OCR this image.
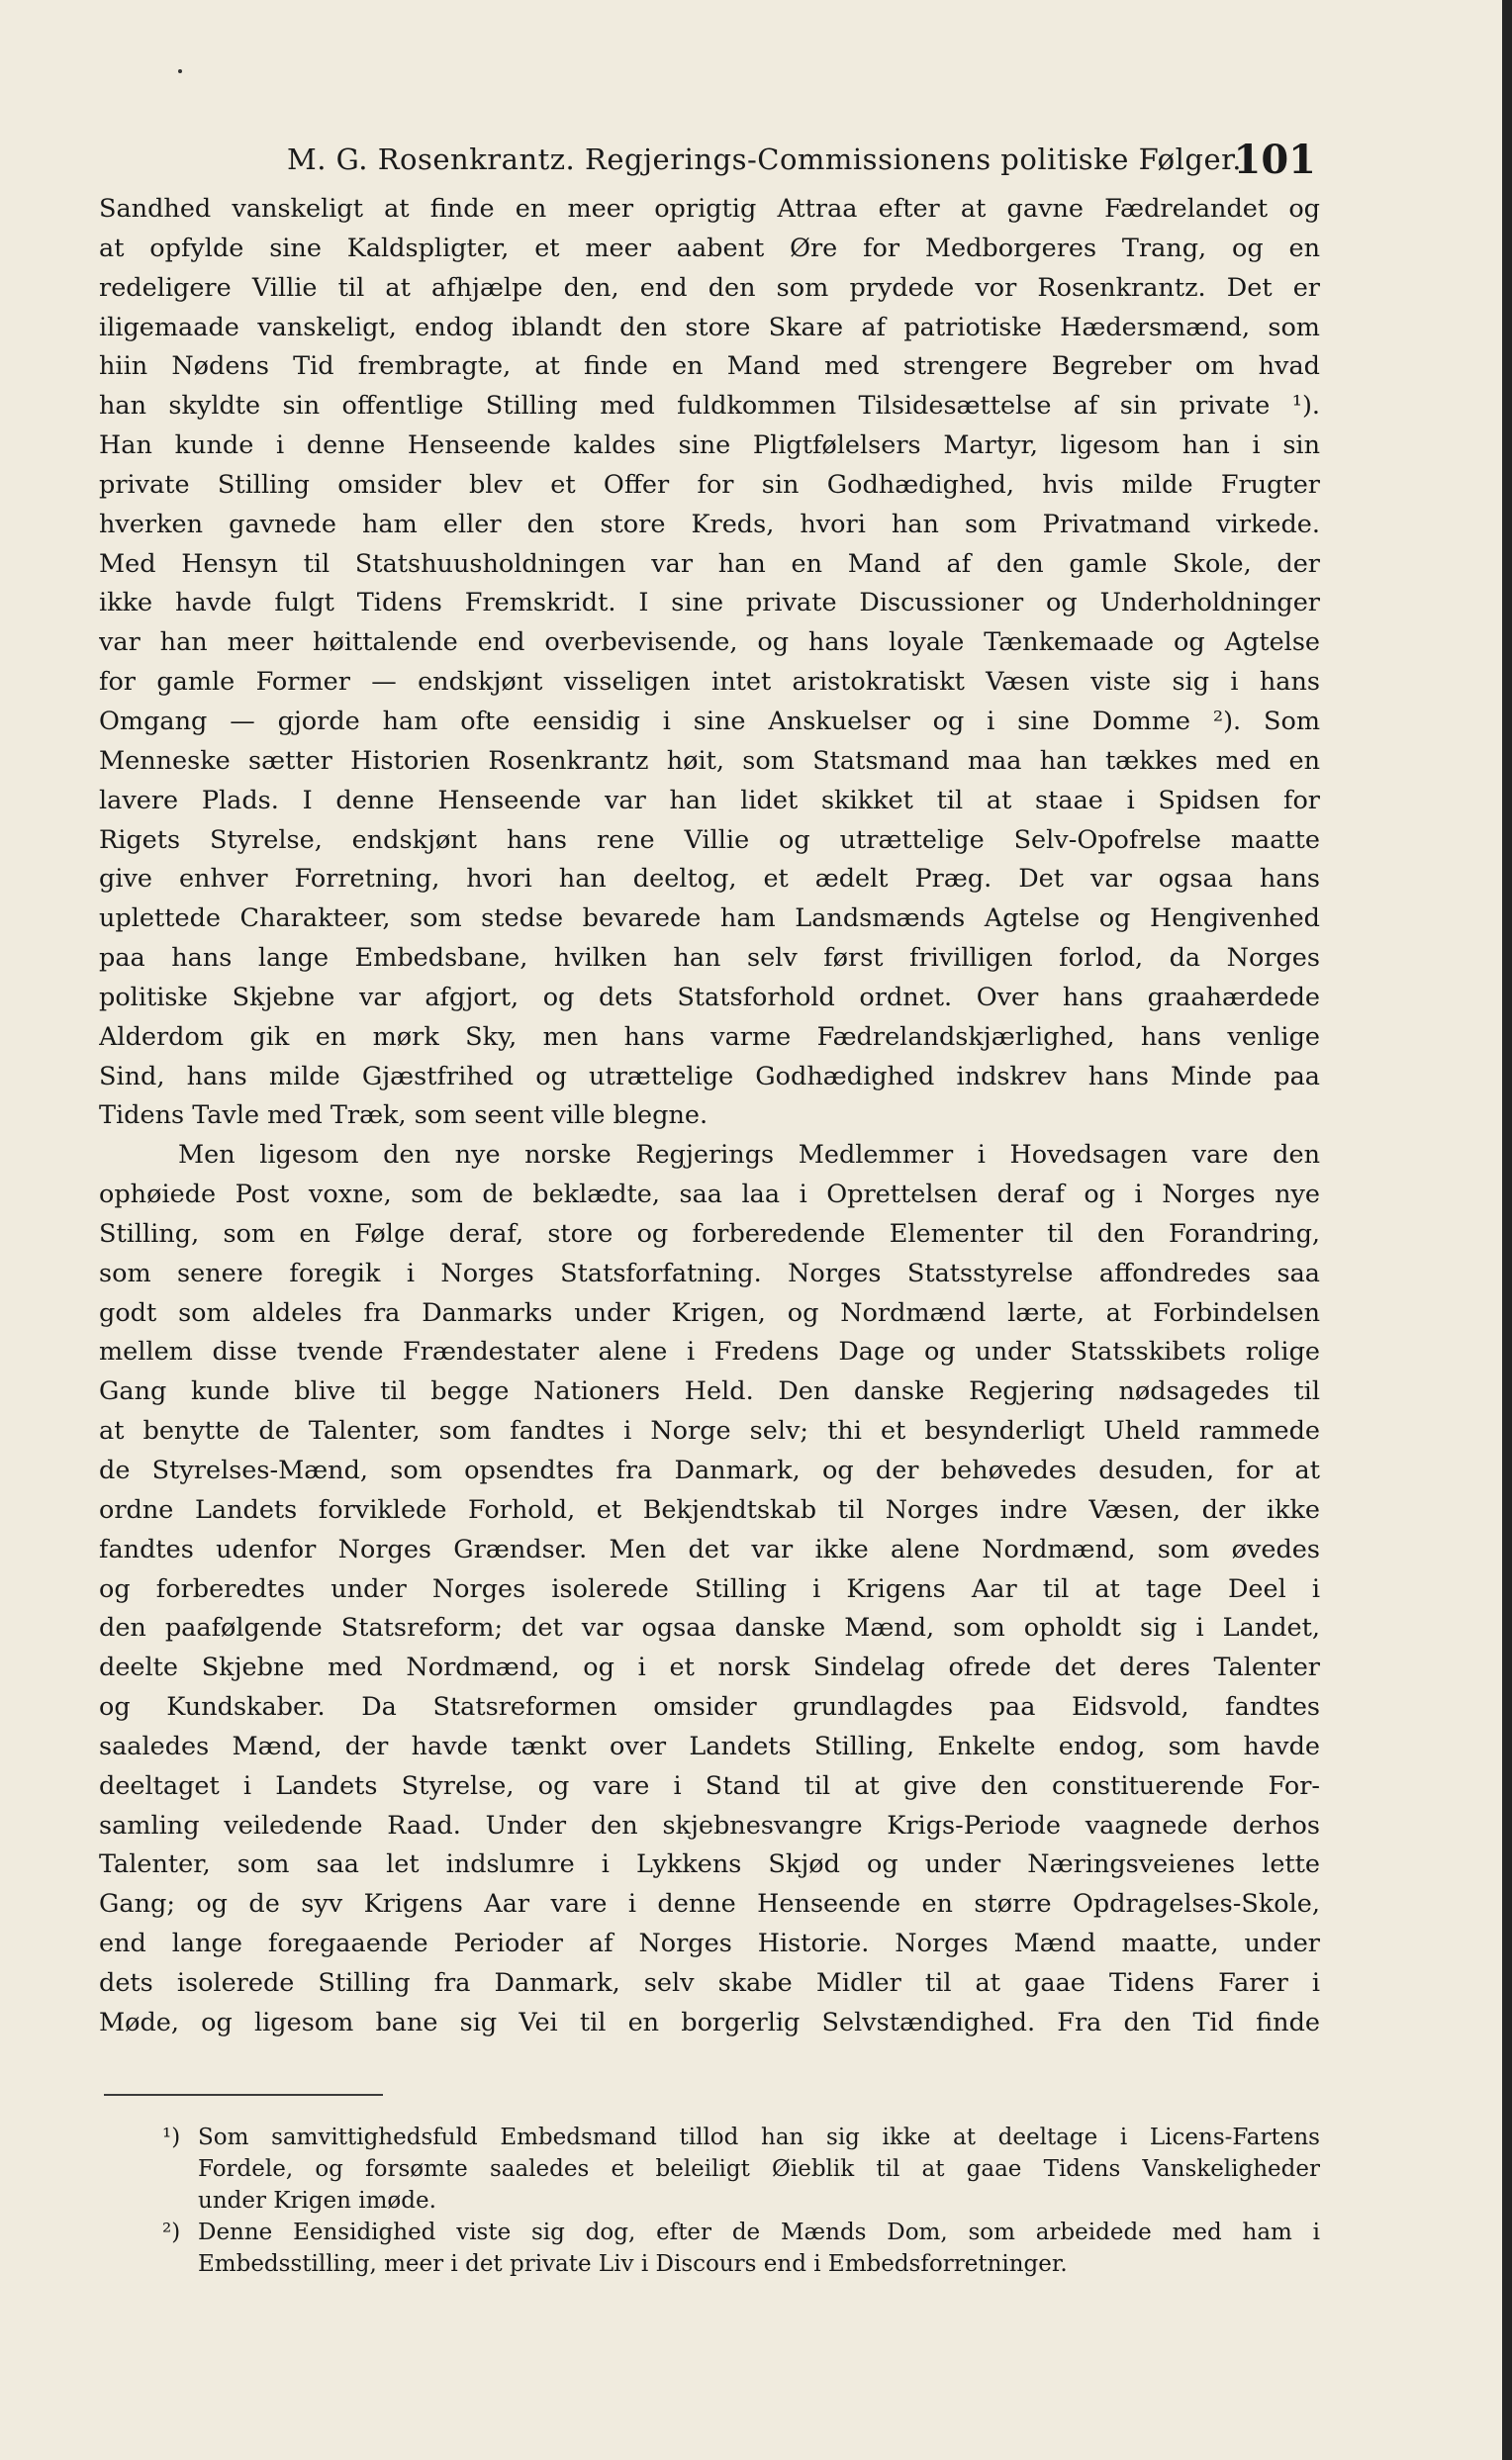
M. G. Rosenkrantz. Regjerings-Commissionens politiske Følger.
101
Sandhed vanskeligt at finde en meer oprigtig Attraa efter at gavne Fædrelandet og
at opfylde sine Kaldspligter, et meer aabent Øre for Medborgeres Trang, og en
redeligere Villie til at afhjælpe den, end den som prydede vor Rosenkrantz. Det er
iligemaade vanskeligt, endog iblandt den store Skare af patriotiske Hædersmænd, som
hiin Nødens Tid frembragte, at finde en Mand med strengere Begreber om hvad
han skyldte sin offentlige Stilling med fuldkommen Tilsidesættelse af sin private ¹).
Han kunde i denne Henseende kaldes sine Pligtfølelsers Martyr, ligesom han i sin
private Stilling omsider blev et Offer for sin Godhædighed, hvis milde Frugter
hverken gavnede ham eller den store Kreds, hvori han som Privatmand virkede.
Med Hensyn til Statshuusholdningen var han en Mand af den gamle Skole, der
ikke havde fulgt Tidens Fremskridt. I sine private Discussioner og Underholdninger
var han meer høittalende end overbevisende, og hans loyale Tænkemaade og Agtelse
for gamle Former — endskjønt visseligen intet aristokratiskt Væsen viste sig i hans
Omgang — gjorde ham ofte eensidig i sine Anskuelser og i sine Domme ²). Som
Menneske sætter Historien Rosenkrantz høit, som Statsmand maa han tækkes med en
lavere Plads. I denne Henseende var han lidet skikket til at staae i Spidsen for
Rigets Styrelse, endskjønt hans rene Villie og utrættelige Selv-Opofrelse maatte
give enhver Forretning, hvori han deeltog, et ædelt Præg. Det var ogsaa hans
uplettede Charakteer, som stedse bevarede ham Landsmænds Agtelse og Hengivenhed
paa hans lange Embedsbane, hvilken han selv først frivilligen forlod, da Norges
politiske Skjebne var afgjort, og dets Statsforhold ordnet. Over hans graahærdede
Alderdom gik en mørk Sky, men hans varme Fædrelandskjærlighed, hans venlige
Sind, hans milde Gjæstfrihed og utrættelige Godhædighed indskrev hans Minde paa
Tidens Tavle med Træk, som seent ville blegne.
Men ligesom den nye norske Regjerings Medlemmer i Hovedsagen vare den
ophøiede Post voxne, som de beklædte, saa laa i Oprettelsen deraf og i Norges nye
Stilling, som en Følge deraf, store og forberedende Elementer til den Forandring,
som senere foregik i Norges Statsforfatning. Norges Statsstyrelse affondredes saa
godt som aldeles fra Danmarks under Krigen, og Nordmænd lærte, at Forbindelsen
mellem disse tvende Frændestater alene i Fredens Dage og under Statsskibets rolige
Gang kunde blive til begge Nationers Held. Den danske Regjering nødsagedes til
at benytte de Talenter, som fandtes i Norge selv; thi et besynderligt Uheld rammede
de Styrelses-Mænd, som opsendtes fra Danmark, og der behøvedes desuden, for at
ordne Landets forviklede Forhold, et Bekjendtskab til Norges indre Væsen, der ikke
fandtes udenfor Norges Grændser. Men det var ikke alene Nordmænd, som øvedes
og forberedtes under Norges isolerede Stilling i Krigens Aar til at tage Deel i
den paafølgende Statsreform; det var ogsaa danske Mænd, som opholdt sig i Landet,
deelte Skjebne med Nordmænd, og i et norsk Sindelag ofrede det deres Talenter
og Kundskaber. Da Statsreformen omsider grundlagdes paa Eidsvold, fandtes
saaledes Mænd, der havde tænkt over Landets Stilling, Enkelte endog, som havde
deeltaget i Landets Styrelse, og vare i Stand til at give den constituerende For-
samling veiledende Raad. Under den skjebnesvangre Krigs-Periode vaagnede derhos
Talenter, som saa let indslumre i Lykkens Skjød og under Næringsveienes lette
Gang; og de syv Krigens Aar vare i denne Henseende en større Opdragelses-Skole,
end lange foregaaende Perioder af Norges Historie. Norges Mænd maatte, under
dets isolerede Stilling fra Danmark, selv skabe Midler til at gaae Tidens Farer i
Møde, og ligesom bane sig Vei til en borgerlig Selvstændighed. Fra den Tid finde
¹) Som samvittighedsfuld Embedsmand tillod han sig ikke at deeltage i Licens-Fartens
Fordele, og forsømte saaledes et beleiligt Øieblik til at gaae Tidens Vanskeligheder
under Krigen imøde.
²) Denne Eensidighed viste sig dog, efter de Mænds Dom, som arbeidede med ham i
Embedsstilling, meer i det private Liv i Discours end i Embedsforretninger.
